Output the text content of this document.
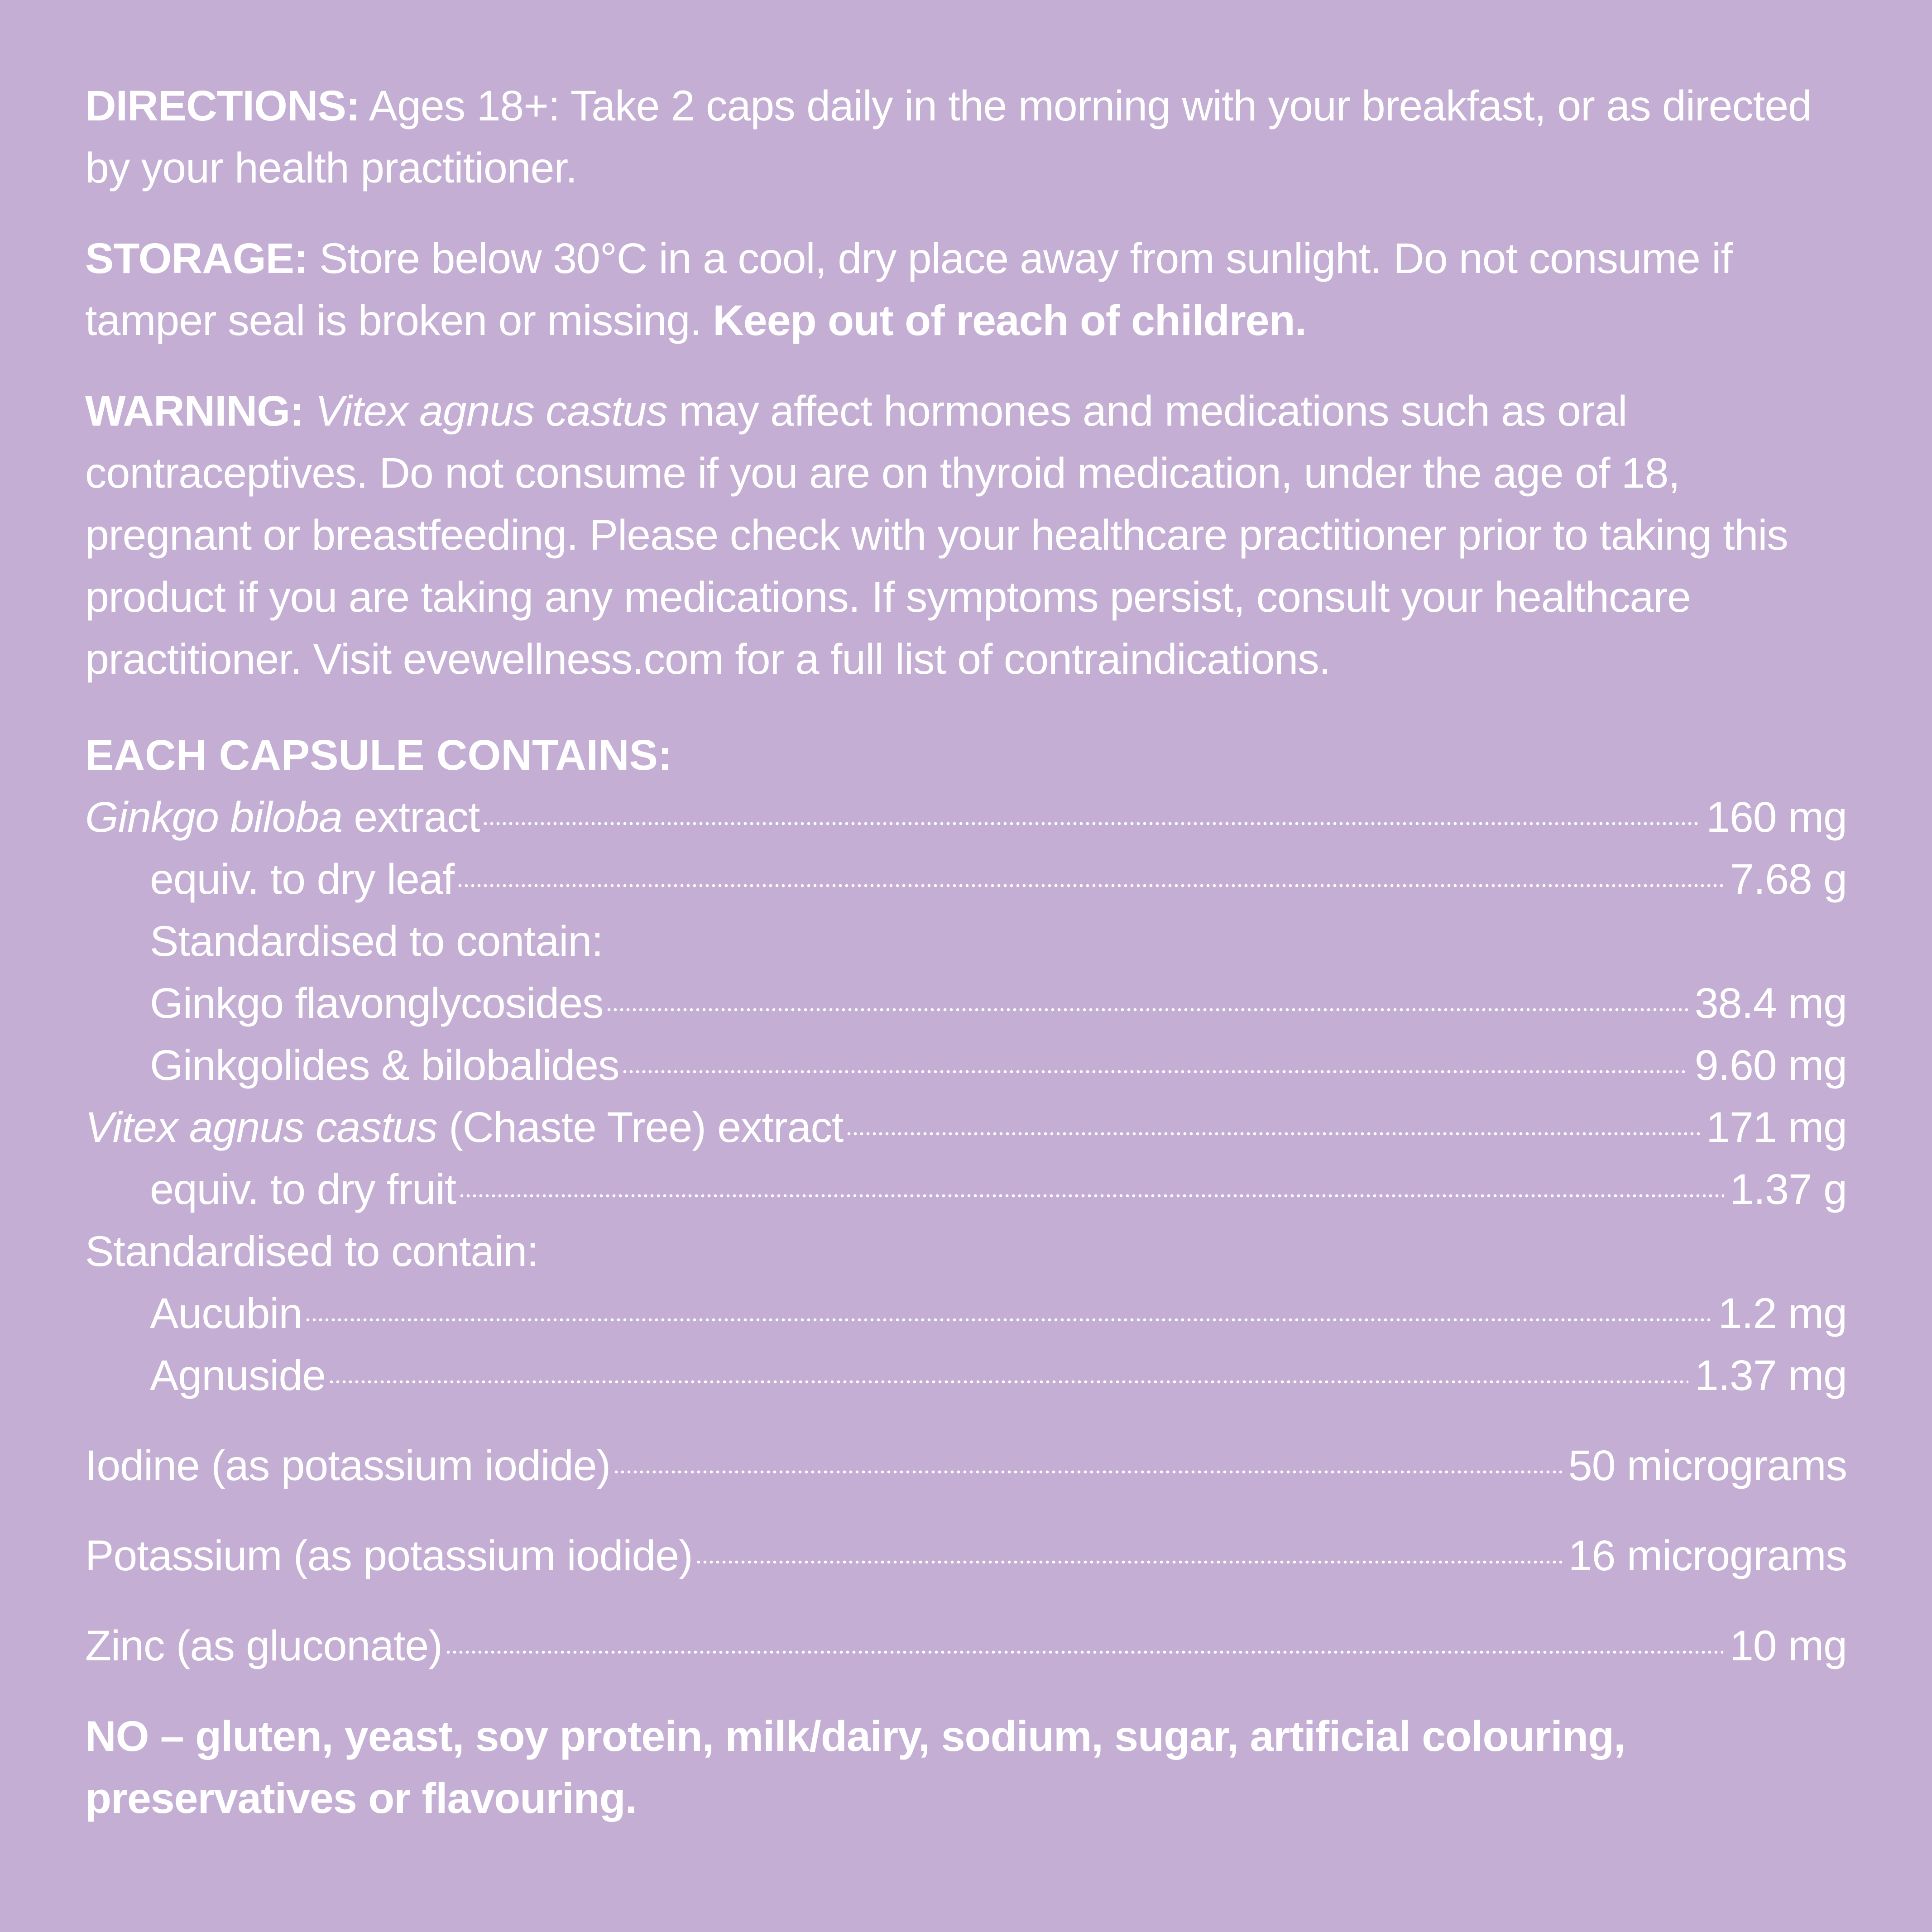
DIRECTIONS: Ages 18+: Take 2 caps daily in the morning with your breakfast, or as directed by your health practitioner.

STORAGE: Store below 30°C in a cool, dry place away from sunlight. Do not consume if tamper seal is broken or missing. Keep out of reach of children.

WARNING: Vitex agnus castus may affect hormones and medications such as oral contraceptives. Do not consume if you are on thyroid medication, under the age of 18, pregnant or breastfeeding. Please check with your healthcare practitioner prior to taking this product if you are taking any medications. If symptoms persist, consult your healthcare practitioner. Visit evewellness.com for a full list of contraindications.

EACH CAPSULE CONTAINS:
Ginkgo biloba extract	160 mg
equiv. to dry leaf	7.68 g
Standardised to contain:
Ginkgo flavonglycosides	38.4 mg
Ginkgolides & bilobalides	9.60 mg
Vitex agnus castus (Chaste Tree) extract	171 mg
equiv. to dry fruit	1.37 g
Standardised to contain:
Aucubin	1.2 mg
Agnuside	1.37 mg
Iodine (as potassium iodide)	50 micrograms
Potassium (as potassium iodide)	16 micrograms
Zinc (as gluconate)	10 mg

NO – gluten, yeast, soy protein, milk/dairy, sodium, sugar, artificial colouring, preservatives or flavouring.
